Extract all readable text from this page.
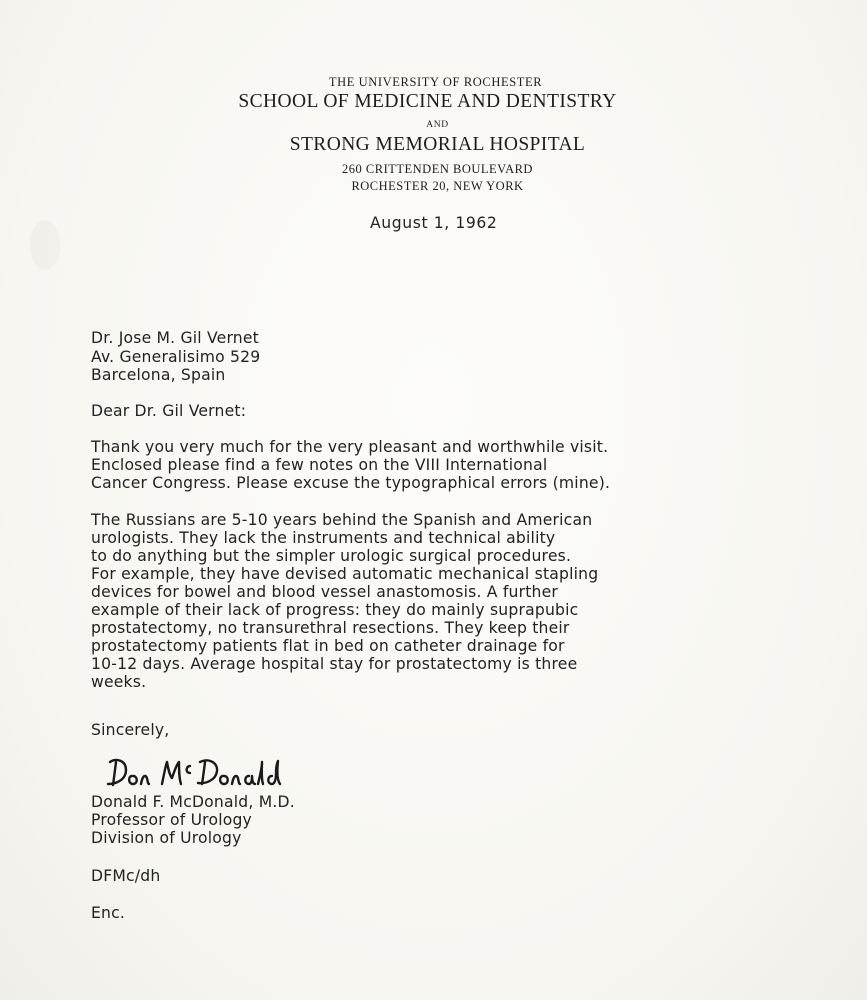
THE UNIVERSITY OF ROCHESTER
SCHOOL OF MEDICINE AND DENTISTRY
AND
STRONG MEMORIAL HOSPITAL
260 CRITTENDEN BOULEVARD
ROCHESTER 20, NEW YORK
August 1, 1962
Dr. Jose M. Gil Vernet
Av. Generalisimo 529
Barcelona, Spain
Dear Dr. Gil Vernet:
Thank you very much for the very pleasant and worthwhile visit.
Enclosed please find a few notes on the VIII International
Cancer Congress. Please excuse the typographical errors (mine).
The Russians are 5-10 years behind the Spanish and American
urologists. They lack the instruments and technical ability
to do anything but the simpler urologic surgical procedures.
For example, they have devised automatic mechanical stapling
devices for bowel and blood vessel anastomosis. A further
example of their lack of progress: they do mainly suprapubic
prostatectomy, no transurethral resections. They keep their
prostatectomy patients flat in bed on catheter drainage for
10-12 days. Average hospital stay for prostatectomy is three
weeks.
Sincerely,
Donald F. McDonald, M.D.
Professor of Urology
Division of Urology
DFMc/dh
Enc.
